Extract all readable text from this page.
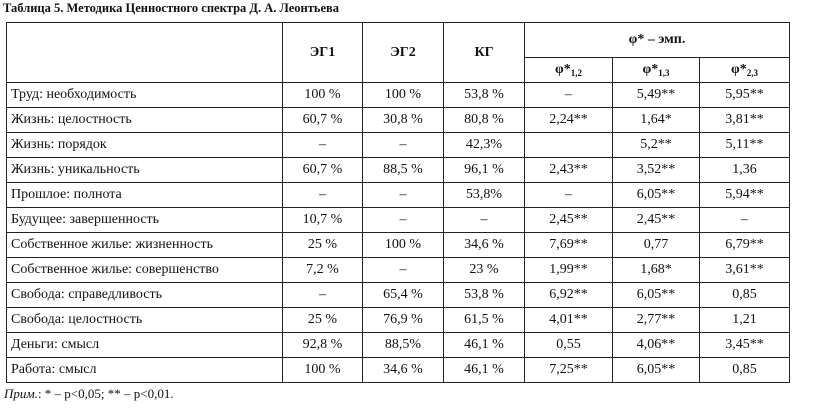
Таблица 5. Методика Ценностного спектра Д. А. Леонтьева
	ЭГ1	ЭГ2	КГ	φ* – эмп.		
				$\varphi*_{1,2}$	$\varphi*_{1,3}$	$\varphi*_{2,3}$
Труд: необходимость	100 %	100 %	53,8 %	–	5,49**	5,95**
Жизнь: целостность	60,7 %	30,8 %	80,8 %	2,24**	1,64*	3,81**
Жизнь: порядок	–	–	42,3%		5,2**	5,11**
Жизнь: уникальность	60,7 %	88,5 %	96,1 %	2,43**	3,52**	1,36
Прошлое: полнота	–	–	53,8%	–	6,05**	5,94**
Будущее: завершенность	10,7 %	–	–	2,45**	2,45**	–
Собственное жилье: жизненность	25 %	100 %	34,6 %	7,69**	0,77	6,79**
Собственное жилье: совершенство	7,2 %	–	23 %	1,99**	1,68*	3,61**
Свобода: справедливость	–	65,4 %	53,8 %	6,92**	6,05**	0,85
Свобода: целостность	25 %	76,9 %	61,5 %	4,01**	2,77**	1,21
Деньги: смысл	92,8 %	88,5%	46,1 %	0,55	4,06**	3,45**
Работа: смысл	100 %	34,6 %	46,1 %	7,25**	6,05**	0,85
Прим.: * – p<0,05; ** – p<0,01.
